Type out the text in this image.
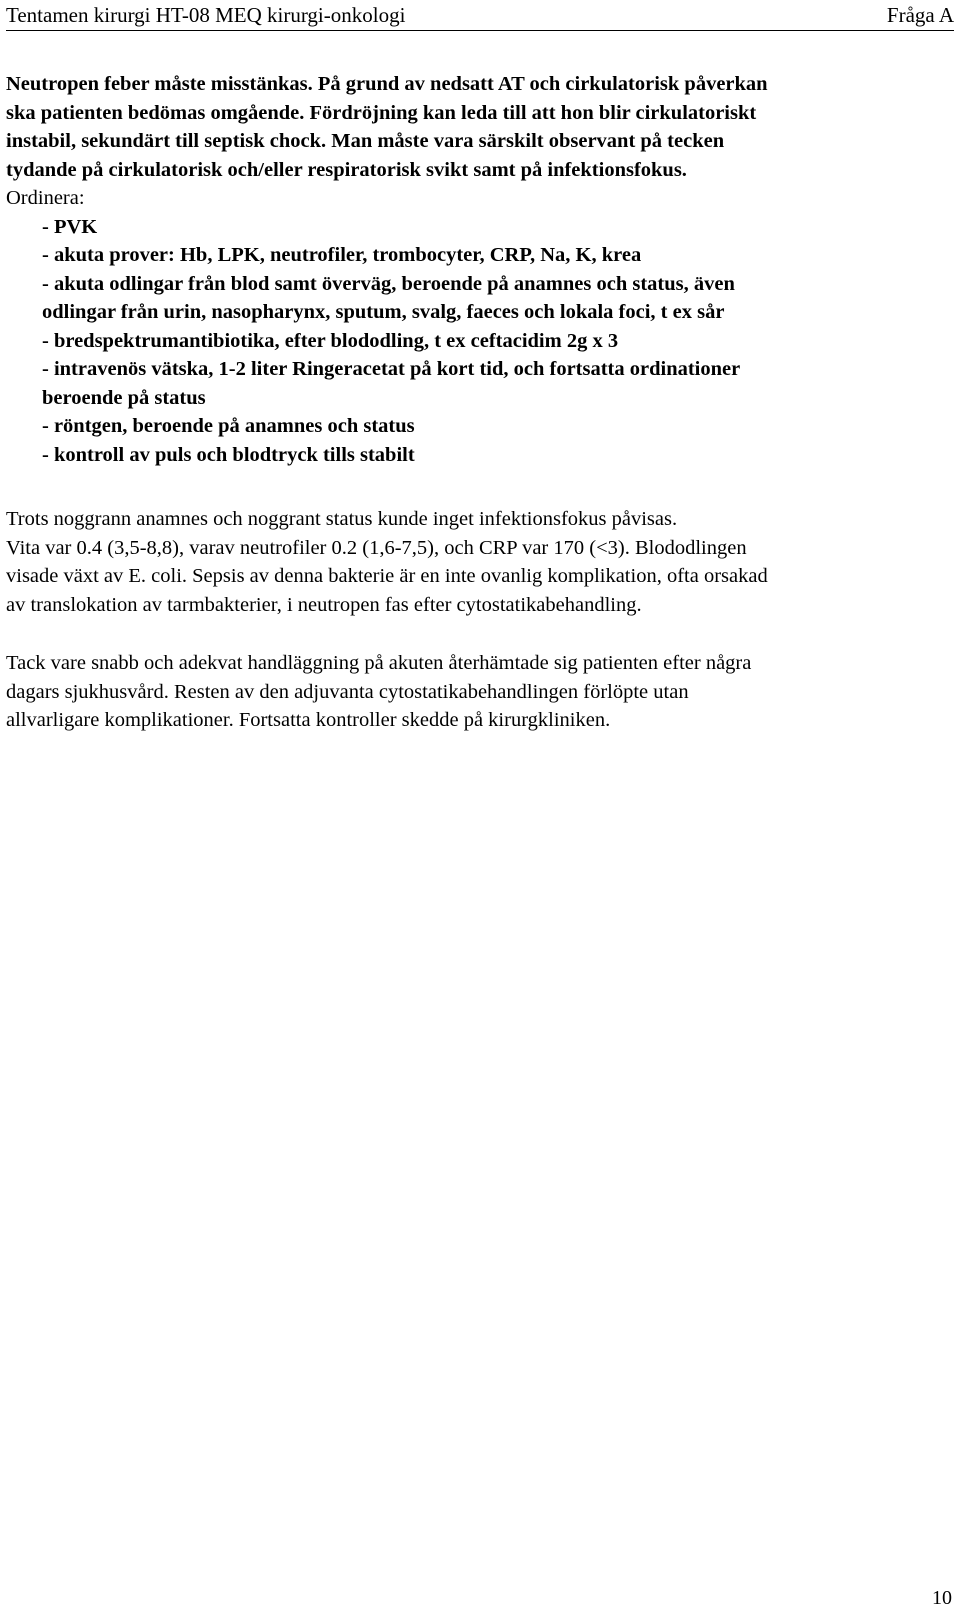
Tentamen kirurgi HT-08 MEQ kirurgi-onkologi	Fråga A
Neutropen feber måste misstänkas. På grund av nedsatt AT och cirkulatorisk påverkan
ska patienten bedömas omgående. Fördröjning kan leda till att hon blir cirkulatoriskt
instabil, sekundärt till septisk chock. Man måste vara särskilt observant på tecken
tydande på cirkulatorisk och/eller respiratorisk svikt samt på infektionsfokus.
Ordinera:
- PVK
- akuta prover: Hb, LPK, neutrofiler, trombocyter, CRP, Na, K, krea
- akuta odlingar från blod samt överväg, beroende på anamnes och status, även
odlingar från urin, nasopharynx, sputum, svalg, faeces och lokala foci, t ex sår
- bredspektrumantibiotika, efter blododling, t ex ceftacidim 2g x 3
- intravenös vätska, 1-2 liter Ringeracetat på kort tid, och fortsatta ordinationer
beroende på status
- röntgen, beroende på anamnes och status
- kontroll av puls och blodtryck tills stabilt
Trots noggrann anamnes och noggrant status kunde inget infektionsfokus påvisas.
Vita var 0.4 (3,5-8,8), varav neutrofiler 0.2 (1,6-7,5), och CRP var 170 (<3). Blododlingen
visade växt av E. coli. Sepsis av denna bakterie är en inte ovanlig komplikation, ofta orsakad
av translokation av tarmbakterier, i neutropen fas efter cytostatikabehandling.
Tack vare snabb och adekvat handläggning på akuten återhämtade sig patienten efter några
dagars sjukhusvård. Resten av den adjuvanta cytostatikabehandlingen förlöpte utan
allvarligare komplikationer. Fortsatta kontroller skedde på kirurgkliniken.
10
